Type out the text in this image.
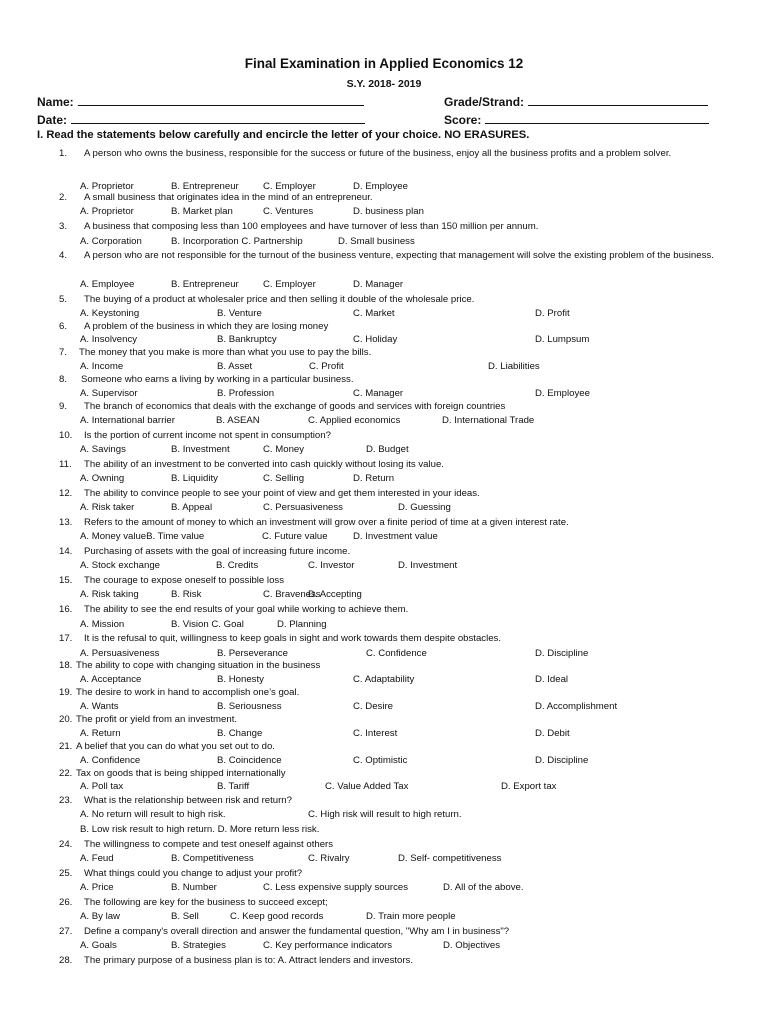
Final Examination in Applied Economics 12
S.Y. 2018- 2019
Name:	Grade/Strand:
Date:	Score:
I. Read the statements below carefully and encircle the letter of your choice. NO ERASURES.
1. A person who owns the business, responsible for the success or future of the business, enjoy all the business profits and a problem solver.
A. Proprietor	B. Entrepreneur	C. Employer	D. Employee
2. A small business that originates idea in the mind of an entrepreneur.
A. Proprietor	B. Market plan	C. Ventures	D. business plan
3. A business that composing less than 100 employees and have turnover of less than 150 million per annum.
A. Corporation	B. Incorporation C. Partnership	D. Small business
4. A person who are not responsible for the turnout of the business venture, expecting that management will solve the existing problem of the business.
A. Employee	B. Entrepreneur	C. Employer	D. Manager
5. The buying of a product at wholesaler price and then selling it double of the wholesale price.
A. Keystoning	B. Venture	C. Market	D. Profit
6. A problem of the business in which they are losing money
A. Insolvency	B. Bankruptcy	C. Holiday	D. Lumpsum
7. The money that you make is more than what you use to pay the bills.
A. Income	B. Asset	C. Profit	D. Liabilities
8. Someone who earns a living by working in a particular business.
A. Supervisor	B. Profession	C. Manager	D. Employee
9. The branch of economics that deals with the exchange of goods and services with foreign countries
A. International barrier	B. ASEAN	C. Applied economics	D. International Trade
10. Is the portion of current income not spent in consumption?
A. Savings	B. Investment	C. Money	D. Budget
11. The ability of an investment to be converted into cash quickly without losing its value.
A. Owning	B. Liquidity	C. Selling	D. Return
12. The ability to convince people to see your point of view and get them interested in your ideas.
A. Risk taker	B. Appeal	C. Persuasiveness	D. Guessing
13. Refers to the amount of money to which an investment will grow over a finite period of time at a given interest rate.
A. Money valueB. Time value	C. Future value	D. Investment value
14. Purchasing of assets with the goal of increasing future income.
A. Stock exchange	B. Credits	C. Investor	D. Investment
15. The courage to expose oneself to possible loss
A. Risk taking	B. Risk	C. Braveness
D. Accepting
16. The ability to see the end results of your goal while working to achieve them.
A. Mission	B. Vision C. Goal	D. Planning
17. It is the refusal to quit, willingness to keep goals in sight and work towards them despite obstacles.
A. Persuasiveness	B. Perseverance	C. Confidence	D. Discipline
18. The ability to cope with changing situation in the business
A. Acceptance	B. Honesty	C. Adaptability	D. Ideal
19. The desire to work in hand to accomplish one’s goal.
A. Wants	B. Seriousness	C. Desire	D. Accomplishment
20. The profit or yield from an investment.
A. Return	B. Change	C. Interest	D. Debit
21. A belief that you can do what you set out to do.
A. Confidence	B. Coincidence	C. Optimistic	D. Discipline
22. Tax on goods that is being shipped internationally
A. Poll tax	B. Tariff	C. Value Added Tax	D. Export tax
23. What is the relationship between risk and return?
A. No return will result to high risk.	C. High risk will result to high return.
B. Low risk result to high return. D. More return less risk.
24. The willingness to compete and test oneself against others
A. Feud	B. Competitiveness	C. Rivalry	D. Self- competitiveness
25. What things could you change to adjust your profit?
A. Price	B. Number	C. Less expensive supply sources	D. All of the above.
26. The following are key for the business to succeed except;
A. By law	B. Sell	C. Keep good records	D. Train more people
27. Define a company's overall direction and answer the fundamental question, "Why am I in business"?
A. Goals	B. Strategies	C. Key performance indicators	D. Objectives
28. The primary purpose of a business plan is to: A. Attract lenders and investors.
